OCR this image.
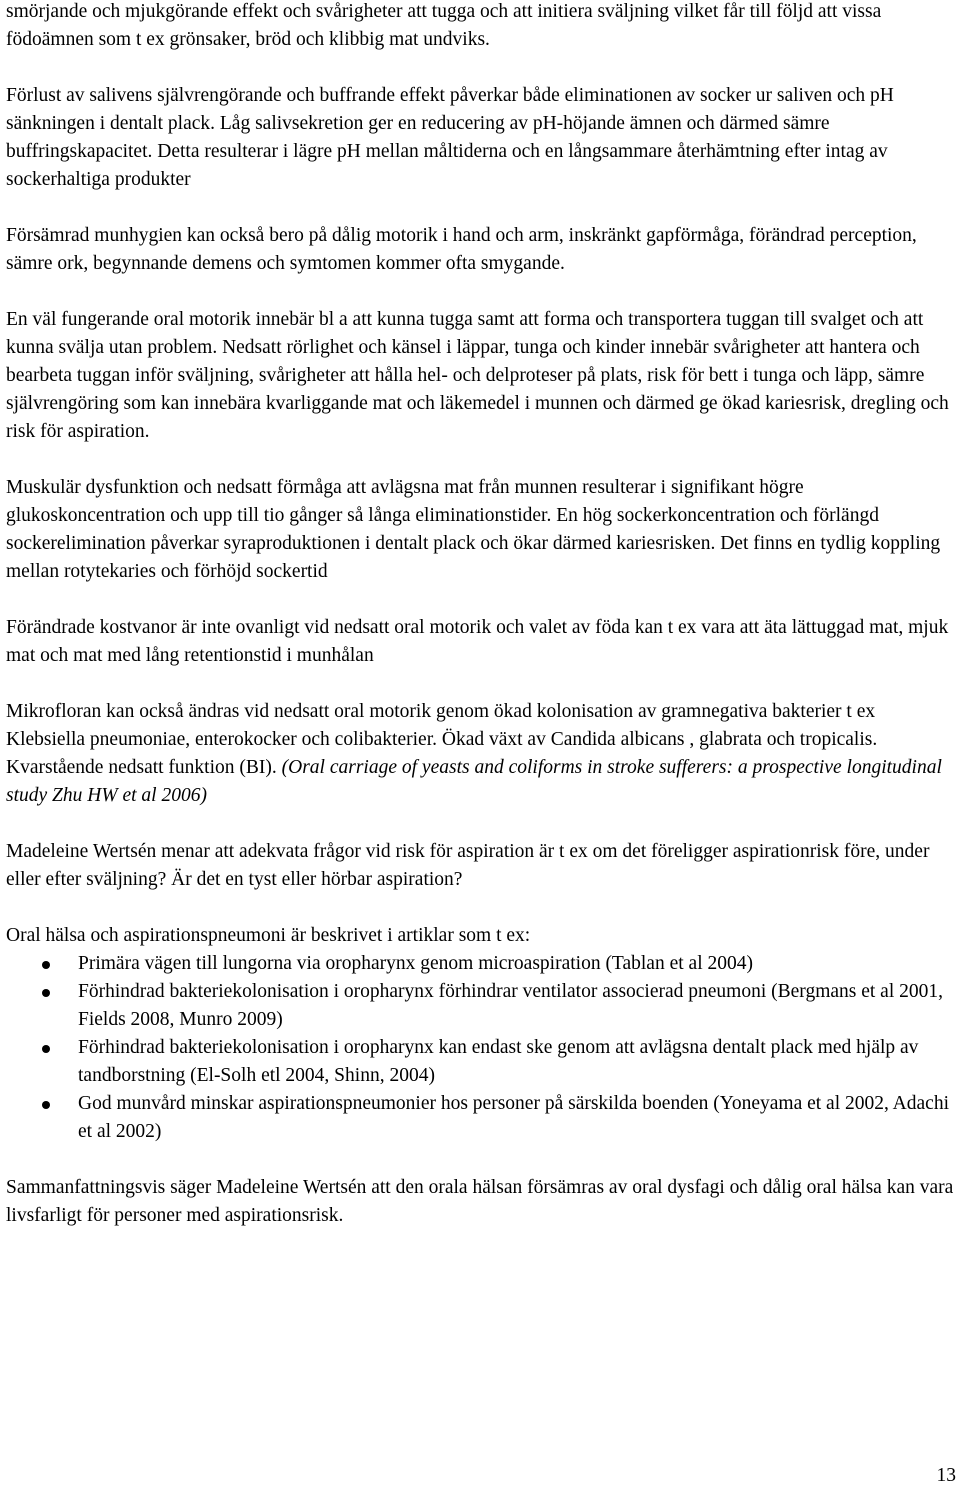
smörjande och mjukgörande effekt och svårigheter att tugga och att initiera sväljning vilket får till följd att vissa födoämnen som t ex grönsaker, bröd och klibbig mat undviks.

Förlust av salivens självrengörande och buffrande effekt påverkar både eliminationen av socker ur saliven och pH sänkningen i dentalt plack. Låg salivsekretion ger en reducering av pH-höjande ämnen och därmed sämre buffringskapacitet. Detta resulterar i lägre pH mellan måltiderna och en långsammare återhämtning efter intag av sockerhaltiga produkter

Försämrad munhygien kan också bero på dålig motorik i hand och arm, inskränkt gapförmåga, förändrad perception, sämre ork, begynnande demens och symtomen kommer ofta smygande.

En väl fungerande oral motorik innebär bl a att kunna tugga samt att forma och transportera tuggan till svalget och att kunna svälja utan problem. Nedsatt rörlighet och känsel i läppar, tunga och kinder innebär svårigheter att hantera och bearbeta tuggan inför sväljning, svårigheter att hålla hel- och delproteser på plats, risk för bett i tunga och läpp, sämre självrengöring som kan innebära kvarliggande mat och läkemedel i munnen och därmed ge ökad kariesrisk, dregling och risk för aspiration.

Muskulär dysfunktion och nedsatt förmåga att avlägsna mat från munnen resulterar i signifikant högre glukoskoncentration och upp till tio gånger så långa eliminationstider. En hög sockerkoncentration och förlängd sockerelimination påverkar syraproduktionen i dentalt plack och ökar därmed kariesrisken. Det finns en tydlig koppling mellan rotytekaries och förhöjd sockertid

Förändrade kostvanor är inte ovanligt vid nedsatt oral motorik och valet av föda kan t ex vara att äta lättuggad mat, mjuk mat och mat med lång retentionstid i munhålan

Mikrofloran kan också ändras vid nedsatt oral motorik genom ökad kolonisation av gramnegativa bakterier t ex Klebsiella pneumoniae, enterokocker och colibakterier. Ökad växt av Candida albicans , glabrata och tropicalis. Kvarstående nedsatt funktion (BI). (Oral carriage of yeasts and coliforms in stroke sufferers: a prospective longitudinal study Zhu HW et al 2006)

Madeleine Wertsén menar att adekvata frågor vid risk för aspiration är t ex om det föreligger aspirationrisk före, under eller efter sväljning? Är det en tyst eller hörbar aspiration?

Oral hälsa och aspirationspneumoni är beskrivet i artiklar som t ex:

Primära vägen till lungorna via oropharynx genom microaspiration (Tablan et al 2004)
Förhindrad bakteriekolonisation i oropharynx förhindrar ventilator associerad pneumoni (Bergmans et al 2001, Fields 2008, Munro 2009)
Förhindrad bakteriekolonisation i oropharynx kan endast ske genom att avlägsna dentalt plack med hjälp av tandborstning (El-Solh etl 2004, Shinn, 2004)
God munvård minskar aspirationspneumonier hos personer på särskilda boenden (Yoneyama et al 2002, Adachi et al 2002)

Sammanfattningsvis säger Madeleine Wertsén att den orala hälsan försämras av oral dysfagi och dålig oral hälsa kan vara livsfarligt för personer med aspirationsrisk.

13
